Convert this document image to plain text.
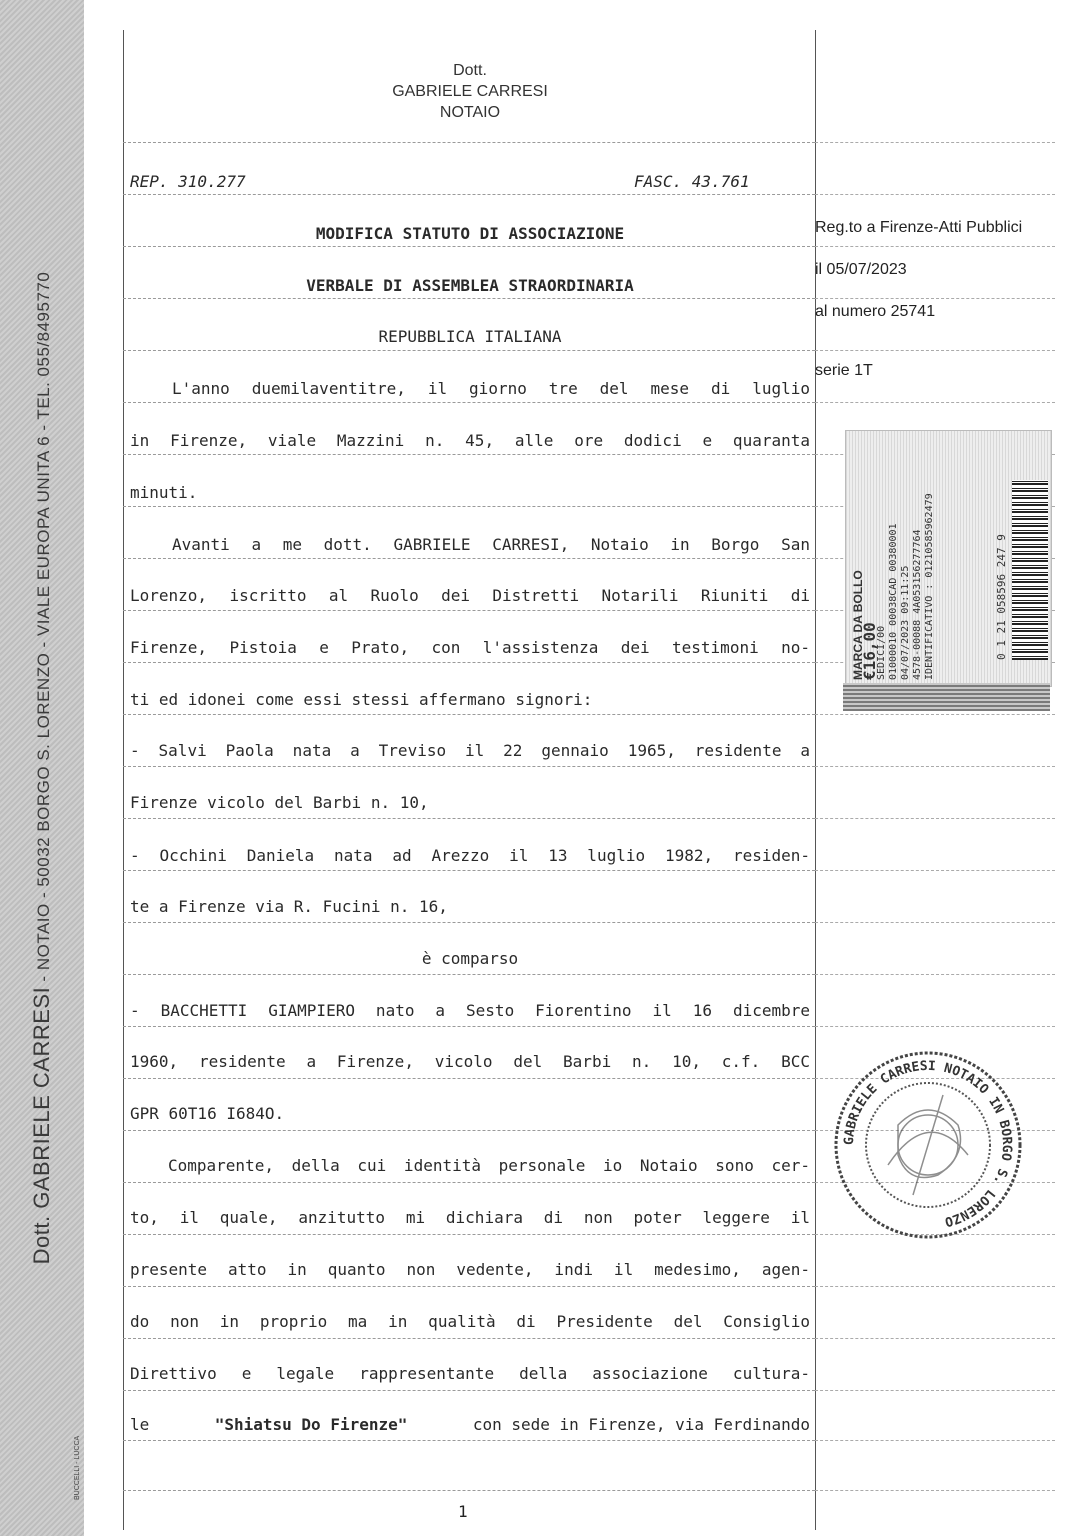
Dott. GABRIELE CARRESI - NOTAIO - 50032 BORGO S. LORENZO - VIALE EUROPA UNITA 6 - TEL. 055/8495770
BUCCELLI - LUCCA
Dott.
GABRIELE CARRESI
NOTAIO
REP. 310.277	FASC. 43.761
MODIFICA STATUTO DI ASSOCIAZIONE
VERBALE DI ASSEMBLEA STRAORDINARIA
REPUBBLICA ITALIANA
L'anno duemilaventitre, il giorno tre del mese di luglio
in Firenze, viale Mazzini n. 45, alle ore dodici e quaranta
minuti.
Avanti a me dott. GABRIELE CARRESI, Notaio in Borgo San
Lorenzo, iscritto al Ruolo dei Distretti Notarili Riuniti di
Firenze, Pistoia e Prato, con l'assistenza dei testimoni no-
ti ed idonei come essi stessi affermano signori:
- Salvi Paola nata a Treviso il 22 gennaio 1965, residente a
Firenze vicolo del Barbi n. 10,
- Occhini Daniela nata ad Arezzo il 13 luglio 1982, residen-
te a Firenze via R. Fucini n. 16,
è comparso
- BACCHETTI GIAMPIERO nato a Sesto Fiorentino il 16 dicembre
1960, residente a Firenze, vicolo del Barbi n. 10, c.f. BCC
GPR 60T16 I684O.
Comparente, della cui identità personale io Notaio sono cer-
to, il quale, anzitutto mi dichiara di non poter leggere il
presente atto in quanto non vedente, indi il medesimo, agen-
do non in proprio ma in qualità di Presidente del Consiglio
Direttivo e legale rappresentante della associazione cultura-
le	"Shiatsu Do Firenze"	con sede in Firenze, via Ferdinando
Reg.to a Firenze-Atti Pubblici
il 05/07/2023
al numero 25741
serie 1T
MARCA DA BOLLO
€16,00
SEDICI/00 01000010 00038CAD 00380001 04/07/2023 09:11:25 4578-00088 4A053156277764 IDENTIFICATIVO : 01210585962479	0 1 21 058596 247 9
GABRIELE CARRESI NOTAIO IN BORGO S. LORENZO
1
